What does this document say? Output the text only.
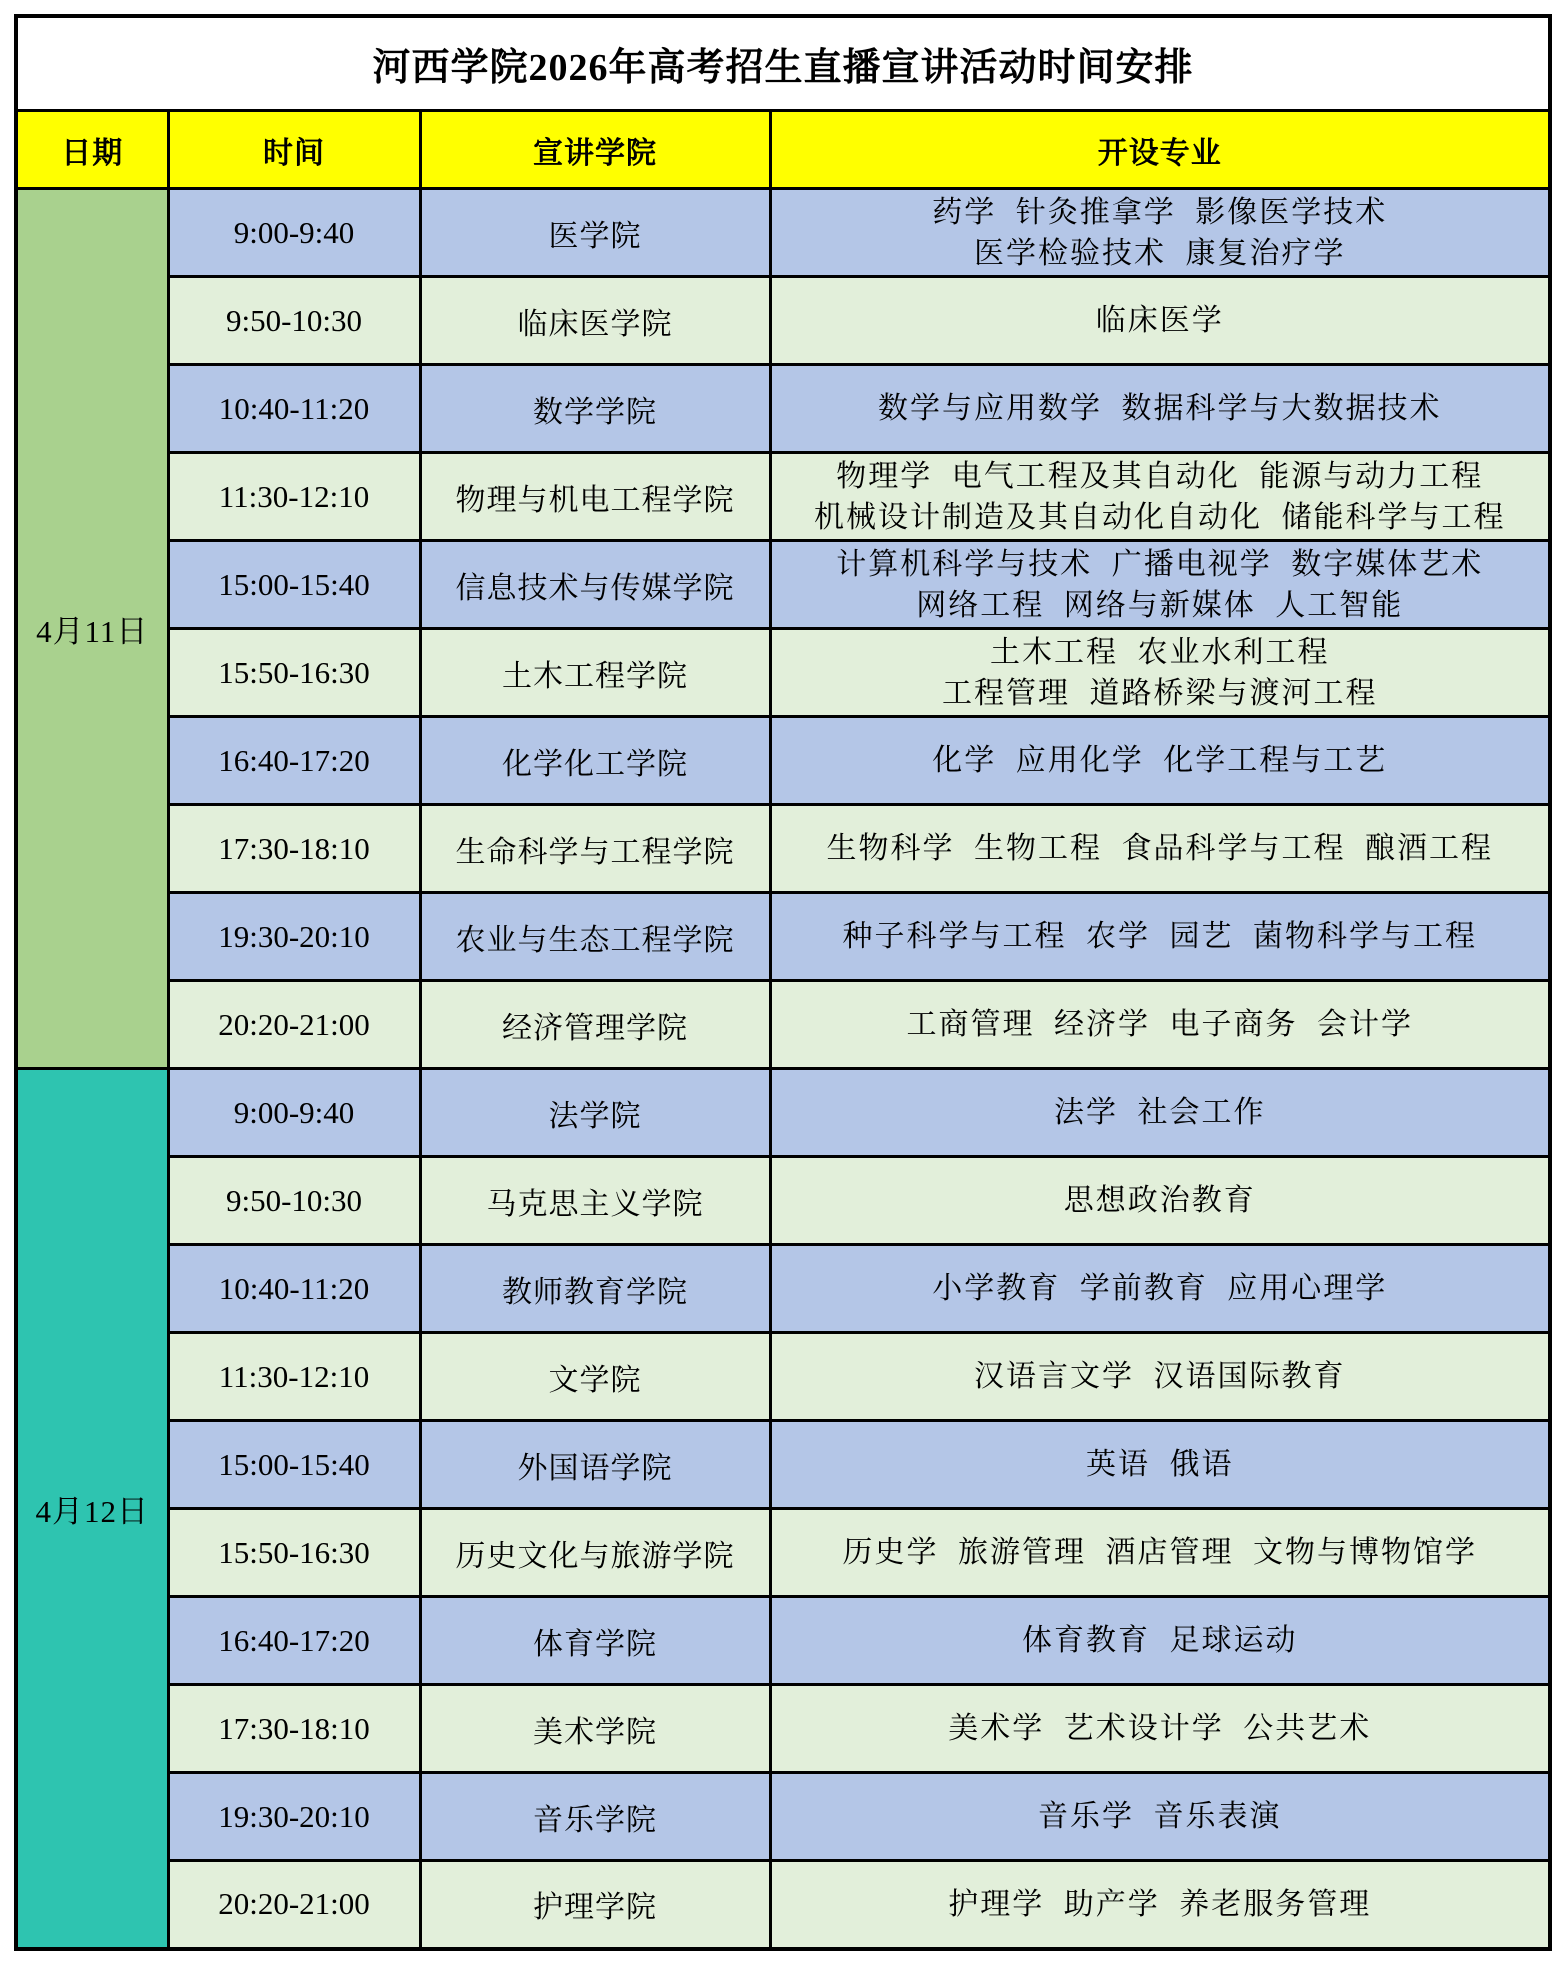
河西学院2026年高考招生直播宣讲活动时间安排			
日期	时间	宣讲学院	开设专业
4月11日	9:00-9:40	医学院	药学 针灸推拿学 影像医学技术
医学检验技术 康复治疗学

	9:50-10:30	临床医学院	临床医学

	10:40-11:20	数学学院	数学与应用数学 数据科学与大数据技术

	11:30-12:10	物理与机电工程学院	物理学 电气工程及其自动化 能源与动力工程
机械设计制造及其自动化自动化 储能科学与工程

	15:00-15:40	信息技术与传媒学院	计算机科学与技术 广播电视学 数字媒体艺术
网络工程 网络与新媒体 人工智能

	15:50-16:30	土木工程学院	土木工程 农业水利工程
工程管理 道路桥梁与渡河工程

	16:40-17:20	化学化工学院	化学 应用化学 化学工程与工艺

	17:30-18:10	生命科学与工程学院	生物科学 生物工程 食品科学与工程 酿酒工程

	19:30-20:10	农业与生态工程学院	种子科学与工程 农学 园艺 菌物科学与工程

	20:20-21:00	经济管理学院	工商管理 经济学 电子商务 会计学

4月12日	9:00-9:40	法学院	法学 社会工作

	9:50-10:30	马克思主义学院	思想政治教育

	10:40-11:20	教师教育学院	小学教育 学前教育 应用心理学

	11:30-12:10	文学院	汉语言文学 汉语国际教育

	15:00-15:40	外国语学院	英语 俄语

	15:50-16:30	历史文化与旅游学院	历史学 旅游管理 酒店管理 文物与博物馆学

	16:40-17:20	体育学院	体育教育 足球运动

	17:30-18:10	美术学院	美术学 艺术设计学 公共艺术

	19:30-20:10	音乐学院	音乐学 音乐表演

	20:20-21:00	护理学院	护理学 助产学 养老服务管理
